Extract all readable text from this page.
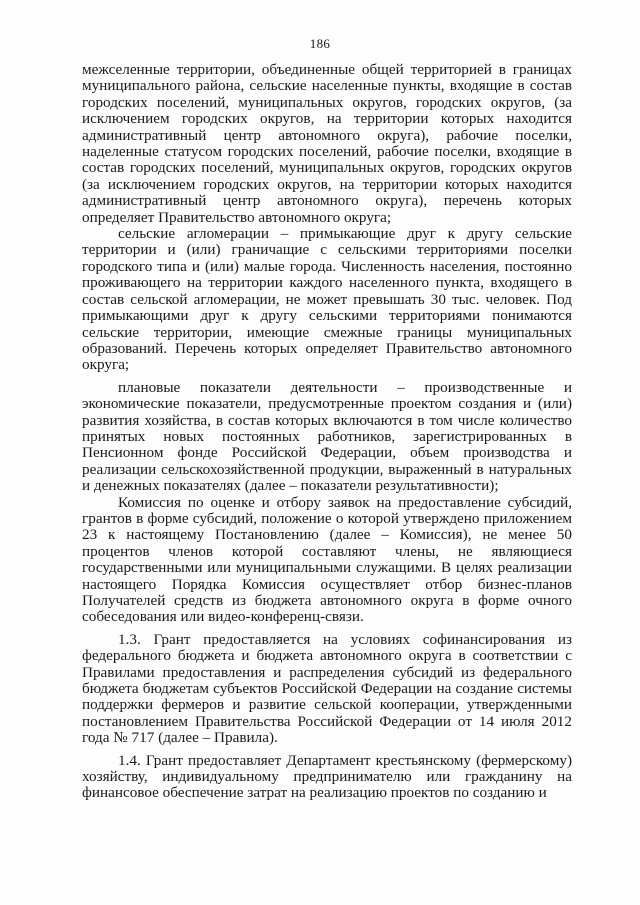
186

межселенные территории, объединенные общей территорией в границах муниципального района, сельские населенные пункты, входящие в состав городских поселений, муниципальных округов, городских округов, (за исключением городских округов, на территории которых находится административный центр автономного округа), рабочие поселки, наделенные статусом городских поселений, рабочие поселки, входящие в состав городских поселений, муниципальных округов, городских округов (за исключением городских округов, на территории которых находится административный центр автономного округа), перечень которых определяет Правительство автономного округа;

сельские агломерации – примыкающие друг к другу сельские территории и (или) граничащие с сельскими территориями поселки городского типа и (или) малые города. Численность населения, постоянно проживающего на территории каждого населенного пункта, входящего в состав сельской агломерации, не может превышать 30 тыс. человек. Под примыкающими друг к другу сельскими территориями понимаются сельские территории, имеющие смежные границы муниципальных образований. Перечень которых определяет Правительство автономного округа;

плановые показатели деятельности – производственные и экономические показатели, предусмотренные проектом создания и (или) развития хозяйства, в состав которых включаются в том числе количество принятых новых постоянных работников, зарегистрированных в Пенсионном фонде Российской Федерации, объем производства и реализации сельскохозяйственной продукции, выраженный в натуральных и денежных показателях (далее – показатели результативности);

Комиссия по оценке и отбору заявок на предоставление субсидий, грантов в форме субсидий, положение о которой утверждено приложением 23 к настоящему Постановлению (далее – Комиссия), не менее 50 процентов членов которой составляют члены, не являющиеся государственными или муниципальными служащими. В целях реализации настоящего Порядка Комиссия осуществляет отбор бизнес-планов Получателей средств из бюджета автономного округа в форме очного собеседования или видео-конференц-связи.

1.3. Грант предоставляется на условиях софинансирования из федерального бюджета и бюджета автономного округа в соответствии с Правилами предоставления и распределения субсидий из федерального бюджета бюджетам субъектов Российской Федерации на создание системы поддержки фермеров и развитие сельской кооперации, утвержденными постановлением Правительства Российской Федерации от 14 июля 2012 года № 717 (далее – Правила).

1.4. Грант предоставляет Департамент крестьянскому (фермерскому) хозяйству, индивидуальному предпринимателю или гражданину на финансовое обеспечение затрат на реализацию проектов по созданию и
